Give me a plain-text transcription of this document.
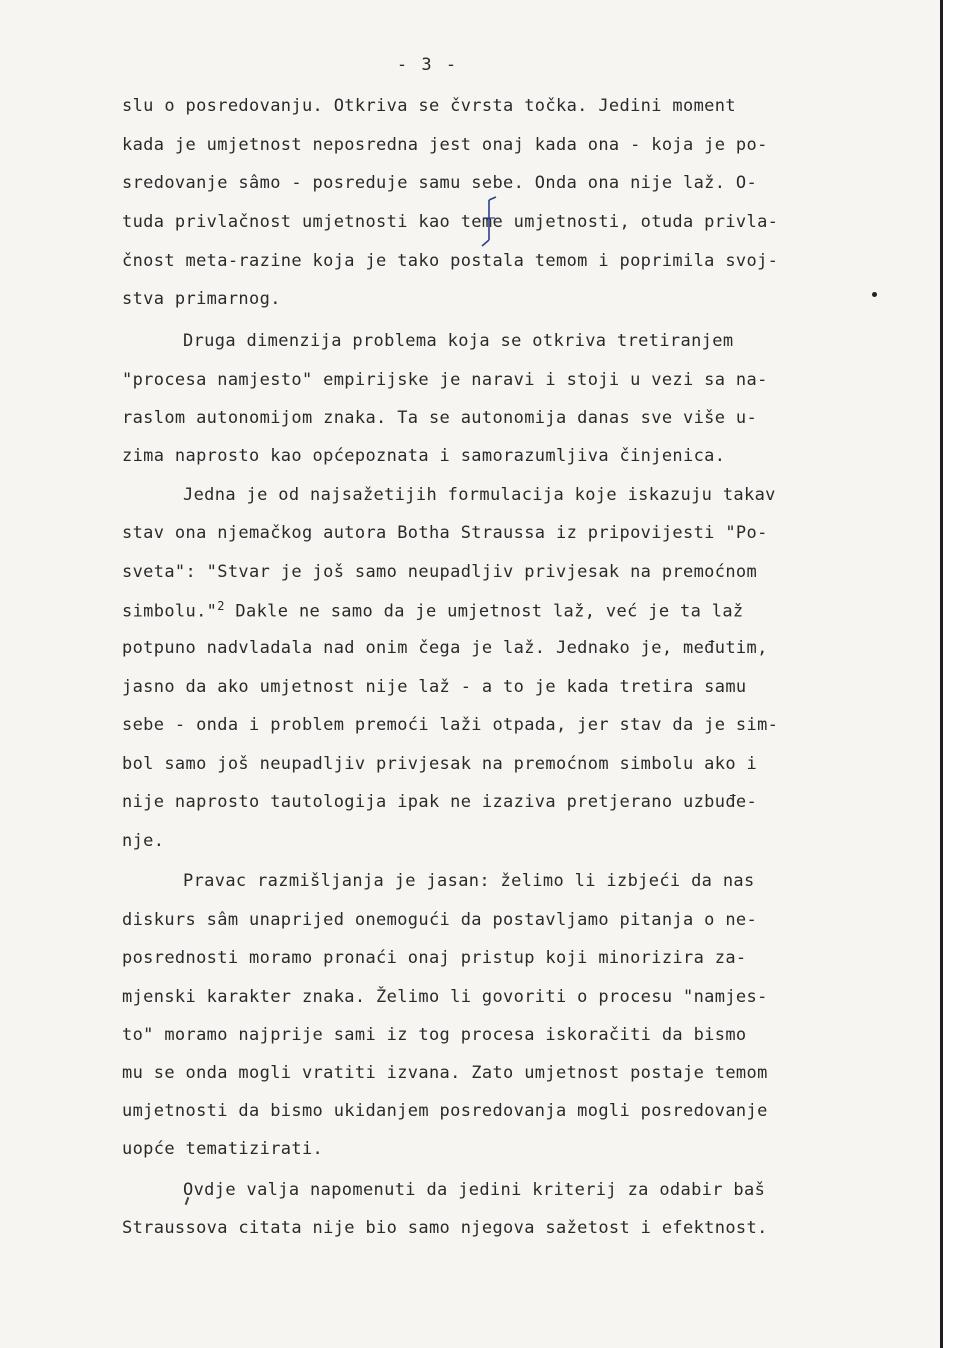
- 3 -
slu o posredovanju. Otkriva se čvrsta točka. Jedini moment
kada je umjetnost neposredna jest onaj kada ona - koja je po-
sredovanje sâmo - posreduje samu sebe. Onda ona nije laž. O-
tuda privlačnost umjetnosti kao teme umjetnosti, otuda privla-
čnost meta-razine koja je tako postala temom i poprimila svoj-
stva primarnog.
Druga dimenzija problema koja se otkriva tretiranjem
"procesa namjesto" empirijske je naravi i stoji u vezi sa na-
raslom autonomijom znaka. Ta se autonomija danas sve više u-
zima naprosto kao općepoznata i samorazumljiva činjenica.
Jedna je od najsažetijih formulacija koje iskazuju takav
stav ona njemačkog autora Botha Straussa iz pripovijesti "Po-
sveta": "Stvar je još samo neupadljiv privjesak na premoćnom
simbolu."$^2$ Dakle ne samo da je umjetnost laž, već je ta laž
potpuno nadvladala nad onim čega je laž. Jednako je, međutim,
jasno da ako umjetnost nije laž - a to je kada tretira samu
sebe - onda i problem premoći laži otpada, jer stav da je sim-
bol samo još neupadljiv privjesak na premoćnom simbolu ako i
nije naprosto tautologija ipak ne izaziva pretjerano uzbuđe-
nje.
Pravac razmišljanja je jasan: želimo li izbjeći da nas
diskurs sâm unaprijed onemogući da postavljamo pitanja o ne-
posrednosti moramo pronaći onaj pristup koji minorizira za-
mjenski karakter znaka. Želimo li govoriti o procesu "namjes-
to" moramo najprije sami iz tog procesa iskoračiti da bismo
mu se onda mogli vratiti izvana. Zato umjetnost postaje temom
umjetnosti da bismo ukidanjem posredovanja mogli posredovanje
uopće tematizirati.
Ovdje valja napomenuti da jedini kriterij za odabir baš
Straussova citata nije bio samo njegova sažetost i efektnost.
